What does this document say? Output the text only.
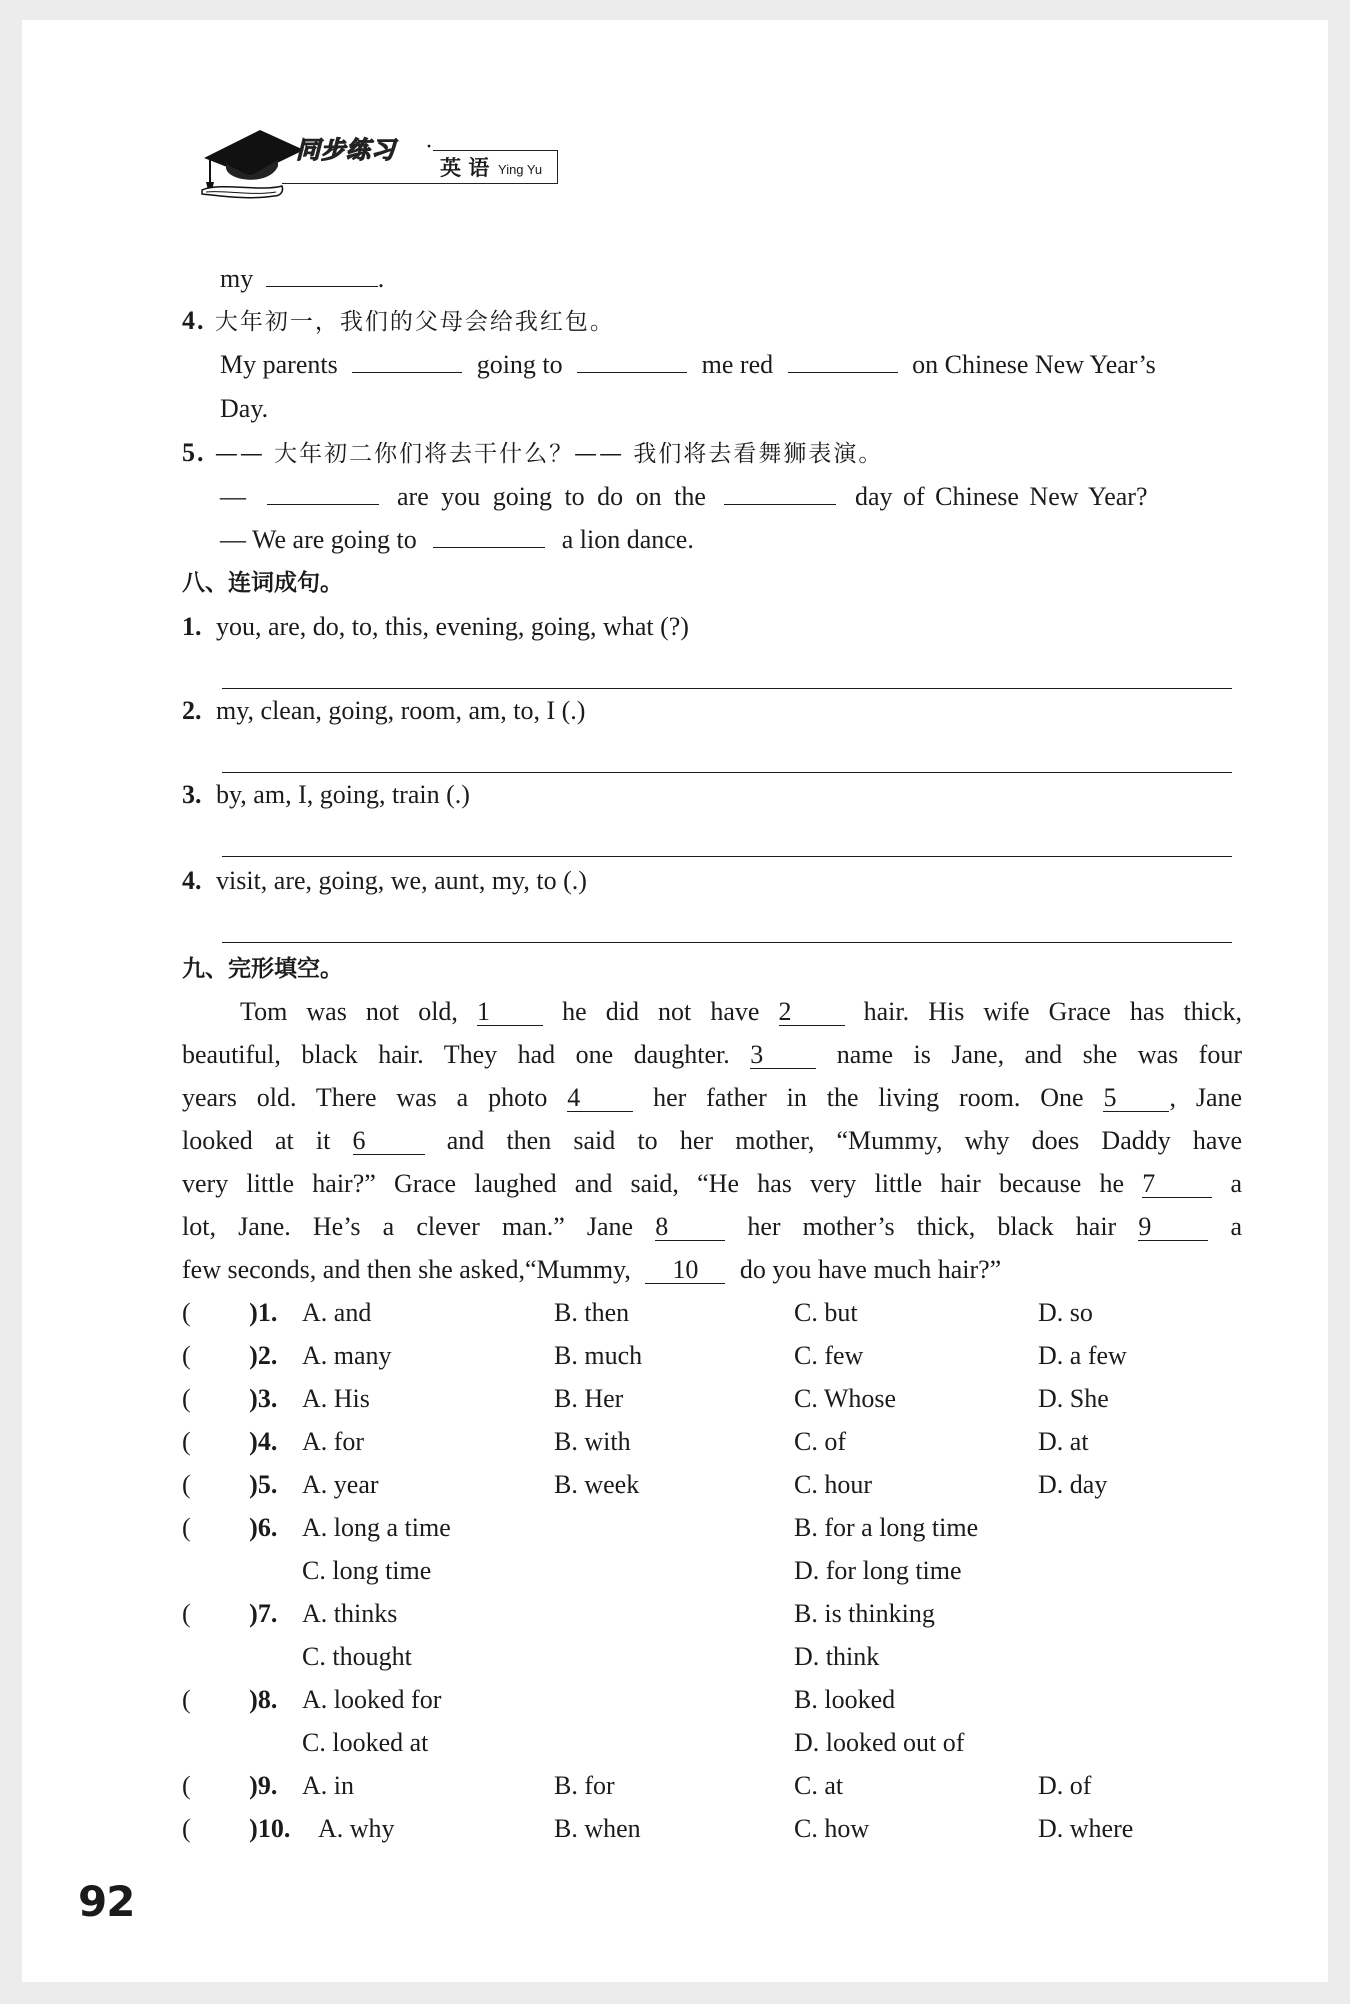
同步练习 ·
英 语 Ying Yu
my	.
4. 大年初一，我们的父母会给我红包。
My parents	going to	me red	on Chinese New Year’s
Day.
5. —— 大年初二你们将去干什么？—— 我们将去看舞狮表演。
—	are you going to do on the	day of Chinese New Year?
— We are going to	a lion dance.
八、连词成句。
1. you, are, do, to, this, evening, going, what (?)
2. my, clean, going, room, am, to, I (.)
3. by, am, I, going, train (.)
4. visit, are, going, we, aunt, my, to (.)
九、完形填空。
Tom was not old, 1	he did not have 2	hair. His wife Grace has thick,
beautiful, black hair. They had one daughter. 3	name is Jane, and she was four
years old. There was a photo 4	her father in the living room. One 5 , Jane
looked at it 6	and then said to her mother, “Mummy, why does Daddy have
very little hair?” Grace laughed and said, “He has very little hair because he 7	a
lot, Jane. He’s a clever man.” Jane 8	her mother’s thick, black hair 9	a
few seconds, and then she asked,“Mummy, 10 do you have much hair?”
( )1. A. and	B. then	C. but	D. so
( )2. A. many	B. much	C. few	D. a few
( )3. A. His	B. Her	C. Whose	D. She
( )4. A. for	B. with	C. of	D. at
( )5. A. year	B. week	C. hour	D. day
( )6. A. long a time	B. for a long time
C. long time	D. for long time
( )7. A. thinks	B. is thinking
C. thought	D. think
( )8. A. looked for	B. looked
C. looked at	D. looked out of
( )9. A. in	B. for	C. at	D. of
( )10. A. why	B. when	C. how	D. where
92
